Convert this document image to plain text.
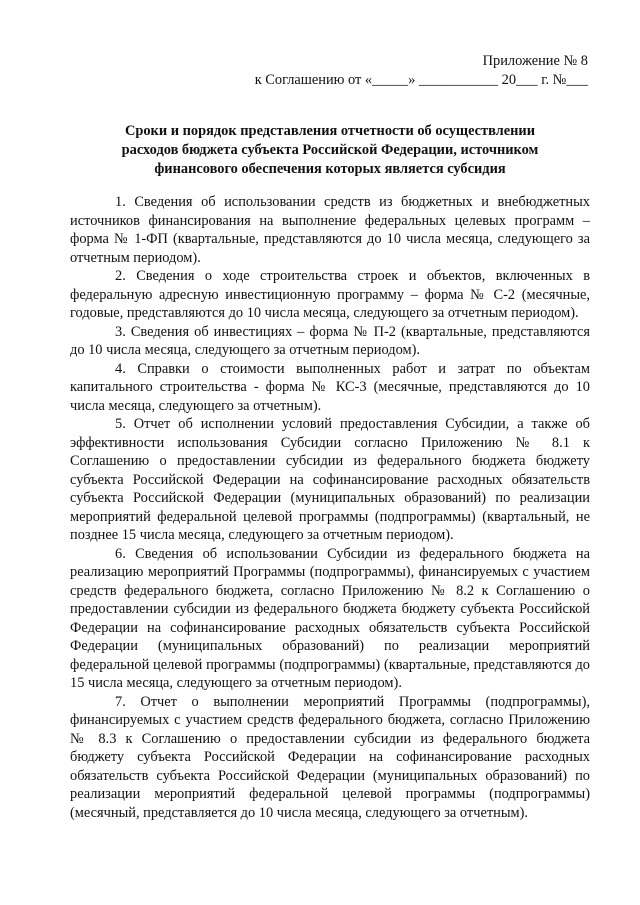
Приложение № 8
к Соглашению от «_____» ___________ 20___ г. №___
Сроки и порядок представления отчетности об осуществлении
расходов бюджета субъекта Российской Федерации, источником
финансового обеспечения которых является субсидия

1. Сведения об использовании средств из бюджетных и внебюджетных источников финансирования на выполнение федеральных целевых программ – форма № 1-ФП (квартальные, представляются до 10 числа месяца, следующего за отчетным периодом).

2. Сведения о ходе строительства строек и объектов, включенных в федеральную адресную инвестиционную программу – форма № С-2 (месячные, годовые, представляются до 10 числа месяца, следующего за отчетным периодом).

3. Сведения об инвестициях – форма № П-2 (квартальные, представляются до 10 числа месяца, следующего за отчетным периодом).

4. Справки о стоимости выполненных работ и затрат по объектам капитального строительства - форма № КС-3 (месячные, представляются до 10 числа месяца, следующего за отчетным).

5. Отчет об исполнении условий предоставления Субсидии, а также об эффективности использования Субсидии согласно Приложению № 8.1 к Соглашению о предоставлении субсидии из федерального бюджета бюджету субъекта Российской Федерации на софинансирование расходных обязательств субъекта Российской Федерации (муниципальных образований) по реализации мероприятий федеральной целевой программы (подпрограммы) (квартальный, не позднее 15 числа месяца, следующего за отчетным периодом).

6. Сведения об использовании Субсидии из федерального бюджета на реализацию мероприятий Программы (подпрограммы), финансируемых с участием средств федерального бюджета, согласно Приложению № 8.2 к Соглашению о предоставлении субсидии из федерального бюджета бюджету субъекта Российской Федерации на софинансирование расходных обязательств субъекта Российской Федерации (муниципальных образований) по реализации мероприятий федеральной целевой программы (подпрограммы) (квартальные, представляются до 15 числа месяца, следующего за отчетным периодом).

7. Отчет о выполнении мероприятий Программы (подпрограммы), финансируемых с участием средств федерального бюджета, согласно Приложению № 8.3 к Соглашению о предоставлении субсидии из федерального бюджета бюджету субъекта Российской Федерации на софинансирование расходных обязательств субъекта Российской Федерации (муниципальных образований) по реализации мероприятий федеральной целевой программы (подпрограммы) (месячный, представляется до 10 числа месяца, следующего за отчетным).
